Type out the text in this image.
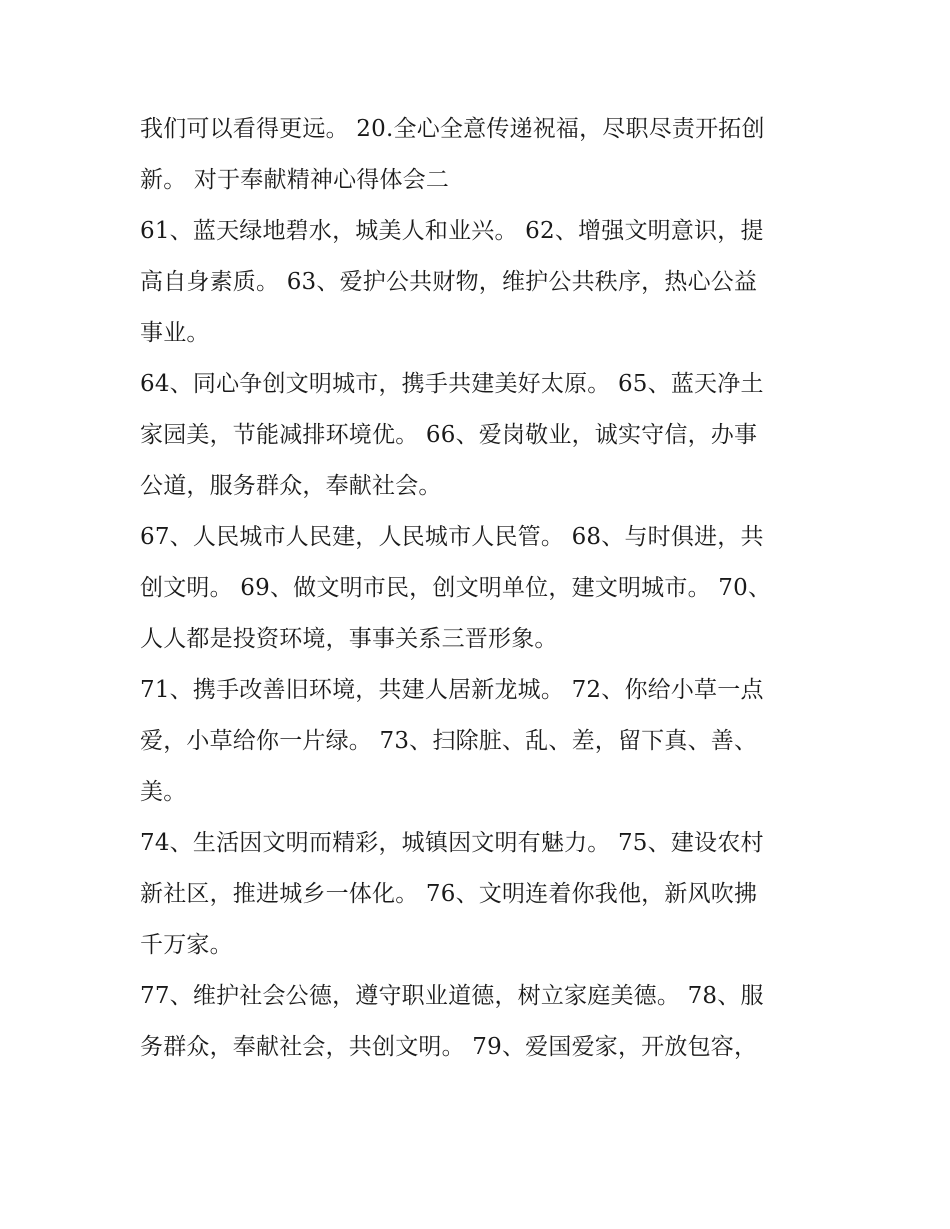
我们可以看得更远。 20.全心全意传递祝福，尽职尽责开拓创
新。 对于奉献精神心得体会二
61、蓝天绿地碧水，城美人和业兴。 62、增强文明意识，提
高自身素质。 63、爱护公共财物，维护公共秩序，热心公益
事业。
64、同心争创文明城市，携手共建美好太原。 65、蓝天净土
家园美，节能减排环境优。 66、爱岗敬业，诚实守信，办事
公道，服务群众，奉献社会。
67、人民城市人民建，人民城市人民管。 68、与时俱进，共
创文明。 69、做文明市民，创文明单位，建文明城市。 70、
人人都是投资环境，事事关系三晋形象。
71、携手改善旧环境，共建人居新龙城。 72、你给小草一点
爱，小草给你一片绿。 73、扫除脏、乱、差，留下真、善、
美。
74、生活因文明而精彩，城镇因文明有魅力。 75、建设农村
新社区，推进城乡一体化。 76、文明连着你我他，新风吹拂
千万家。
77、维护社会公德，遵守职业道德，树立家庭美德。 78、服
务群众，奉献社会，共创文明。 79、爱国爱家，开放包容，
